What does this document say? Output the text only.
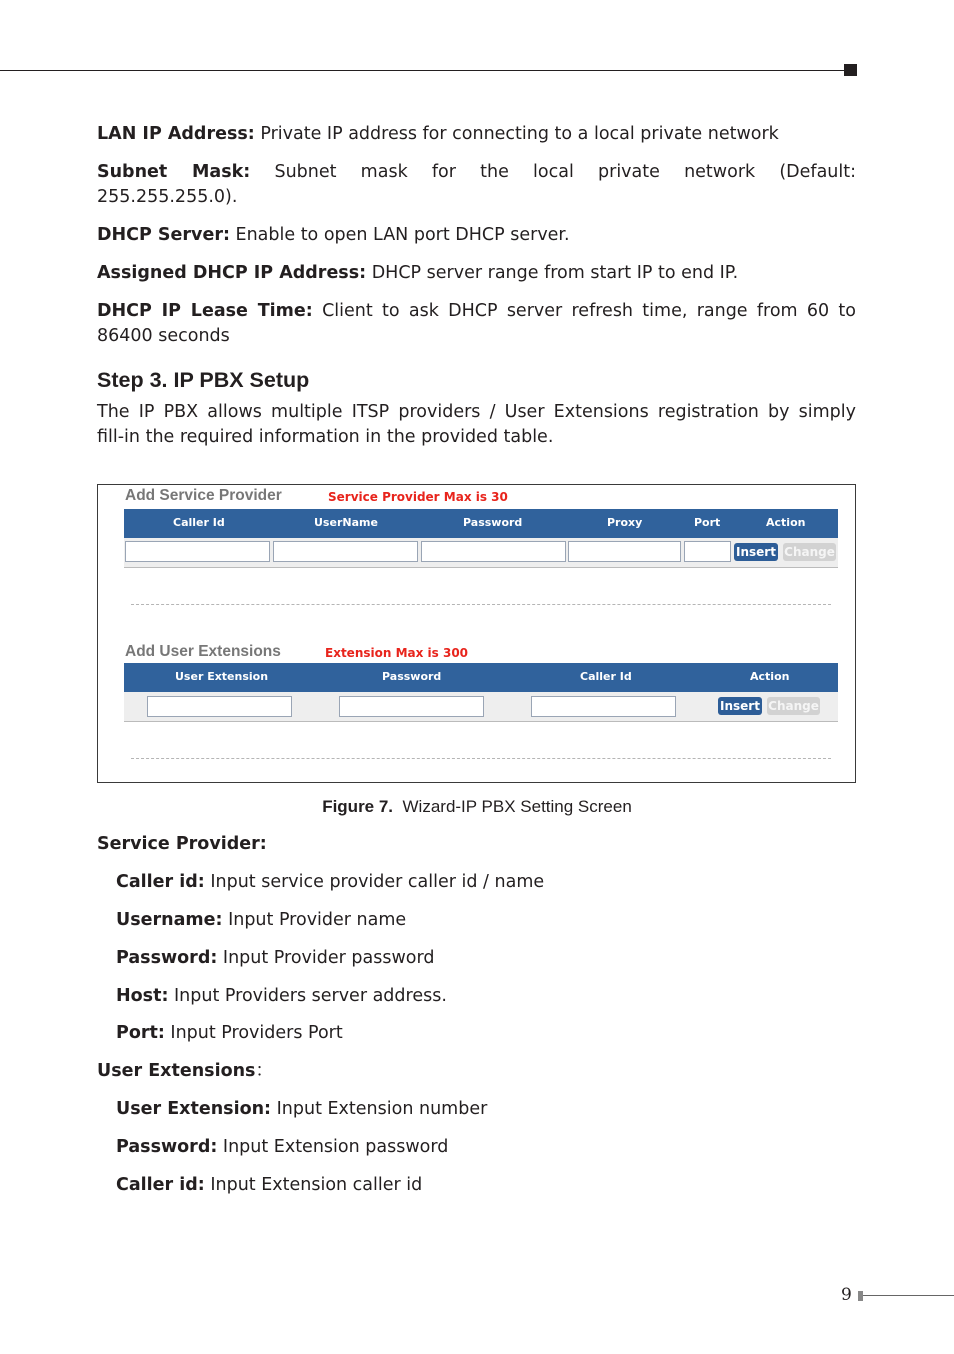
LAN IP Address: Private IP address for connecting to a local private network

Subnet Mask: Subnet mask for the local private network (Default:

255.255.255.0).

DHCP Server: Enable to open LAN port DHCP server.

Assigned DHCP IP Address: DHCP server range from start IP to end IP.

DHCP IP Lease Time: Client to ask DHCP server refresh time, range from 60 to

86400 seconds

Step 3. IP PBX Setup

The IP PBX allows multiple ITSP providers / User Extensions registration by simply

fill-in the required information in the provided table.

Add Service Provider	Service Provider Max is 30
Caller Id	UserName	Password	Proxy	Port	Action
Insert Change
Add User Extensions	Extension Max is 300
User Extension	Password	Caller Id	Action
Insert Change
Figure 7. Wizard-IP PBX Setting Screen

Service Provider:

Caller id: Input service provider caller id / name

Username: Input Provider name

Password: Input Provider password

Host: Input Providers server address.

Port: Input Providers Port

User Extensions：

User Extension: Input Extension number

Password: Input Extension password

Caller id: Input Extension caller id

9
